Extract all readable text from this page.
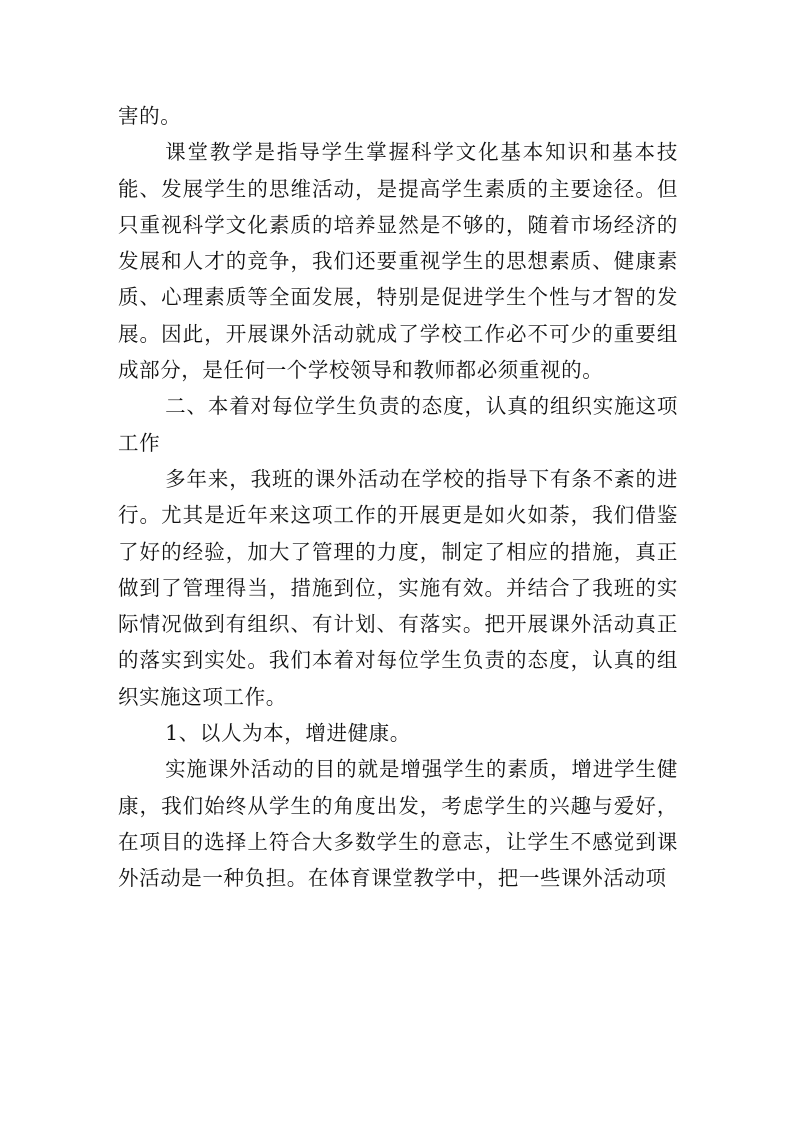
害的。

课堂教学是指导学生掌握科学文化基本知识和基本技能、发展学生的思维活动，是提高学生素质的主要途径。但只重视科学文化素质的培养显然是不够的，随着市场经济的发展和人才的竞争，我们还要重视学生的思想素质、健康素质、心理素质等全面发展，特别是促进学生个性与才智的发展。因此，开展课外活动就成了学校工作必不可少的重要组成部分，是任何一个学校领导和教师都必须重视的。

二、本着对每位学生负责的态度，认真的组织实施这项工作

多年来，我班的课外活动在学校的指导下有条不紊的进行。尤其是近年来这项工作的开展更是如火如荼，我们借鉴了好的经验，加大了管理的力度，制定了相应的措施，真正做到了管理得当，措施到位，实施有效。并结合了我班的实际情况做到有组织、有计划、有落实。把开展课外活动真正的落实到实处。我们本着对每位学生负责的态度，认真的组织实施这项工作。

1、以人为本，增进健康。

实施课外活动的目的就是增强学生的素质，增进学生健康，我们始终从学生的角度出发，考虑学生的兴趣与爱好，在项目的选择上符合大多数学生的意志，让学生不感觉到课外活动是一种负担。在体育课堂教学中，把一些课外活动项
